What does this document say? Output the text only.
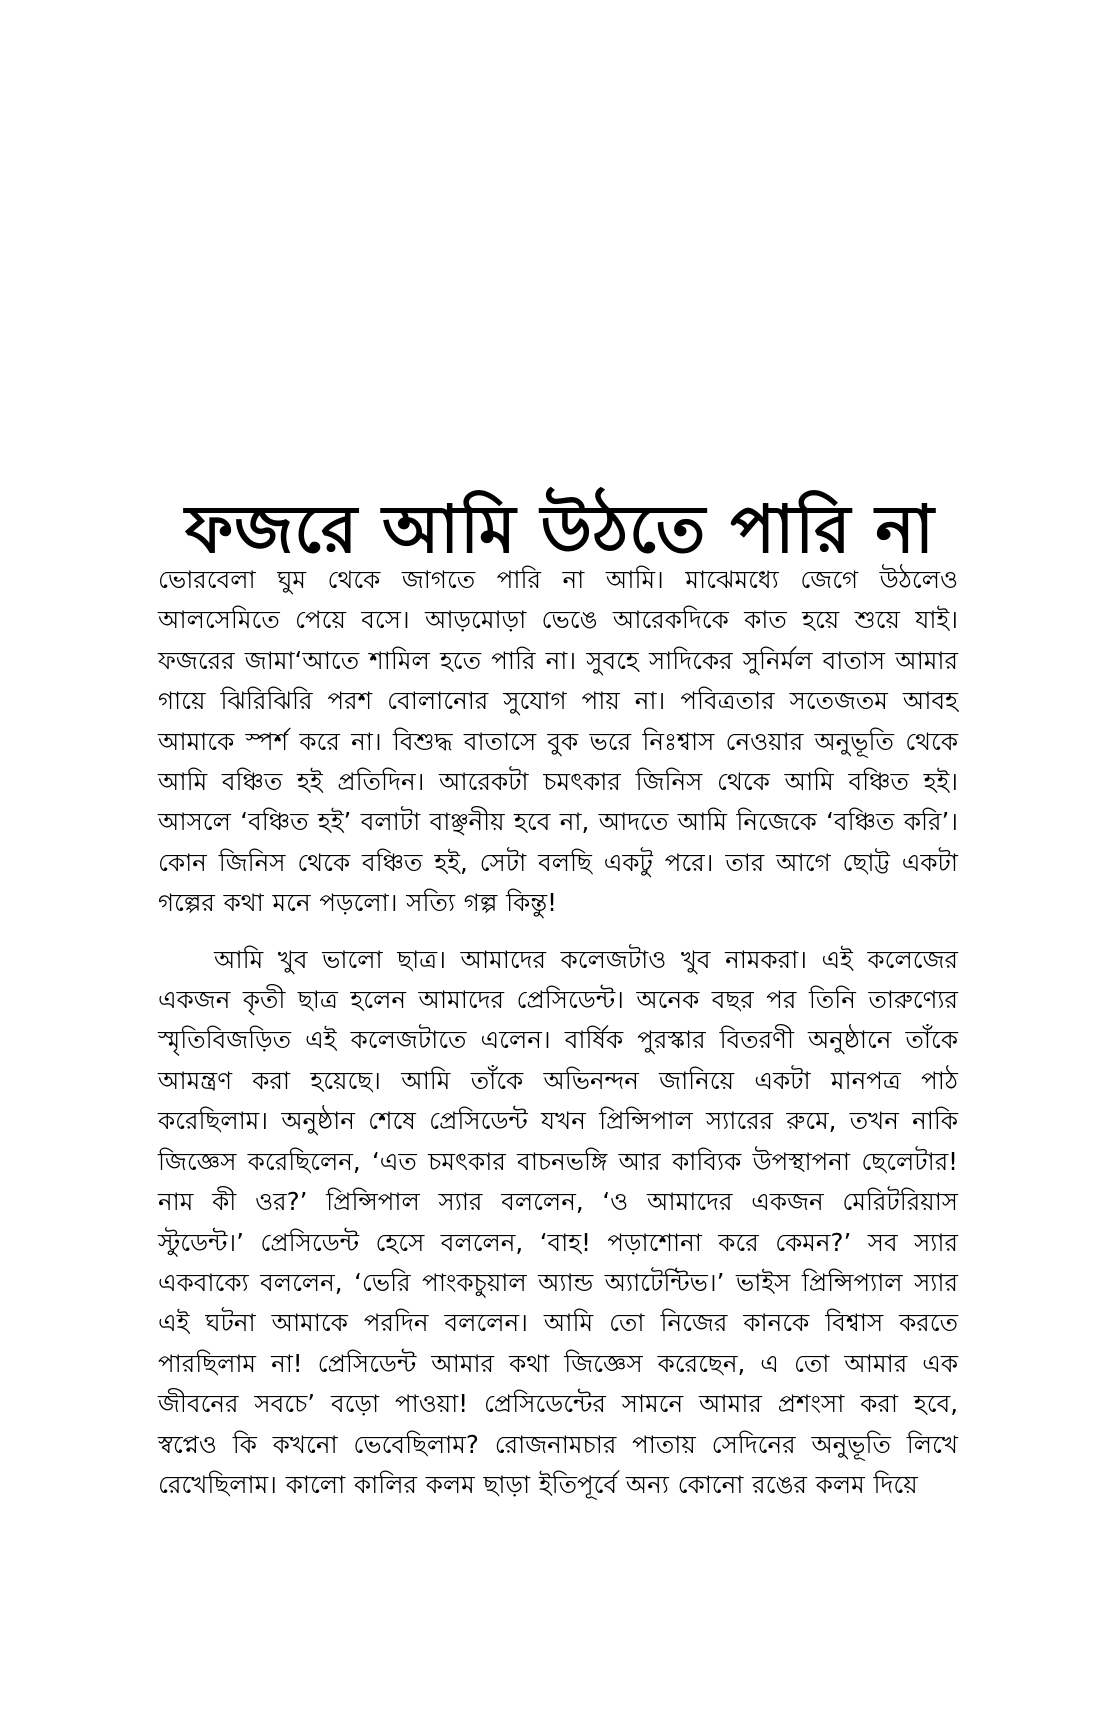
ফজরে আমি উঠতে পারি না

ভোরবেলা ঘুম থেকে জাগতে পারি না আমি। মাঝেমধ্যে জেগে উঠলেও আলসেমিতে পেয়ে বসে। আড়মোড়া ভেঙে আরেকদিকে কাত হয়ে শুয়ে যাই। ফজরের জামা‘আতে শামিল হতে পারি না। সুবহে সাদিকের সুনির্মল বাতাস আমার গায়ে ঝিরিঝিরি পরশ বোলানোর সুযোগ পায় না। পবিত্রতার সতেজতম আবহ আমাকে স্পর্শ করে না। বিশুদ্ধ বাতাসে বুক ভরে নিঃশ্বাস নেওয়ার অনুভূতি থেকে আমি বঞ্চিত হই প্রতিদিন। আরেকটা চমৎকার জিনিস থেকে আমি বঞ্চিত হই। আসলে ‘বঞ্চিত হই’ বলাটা বাঞ্ছনীয় হবে না, আদতে আমি নিজেকে ‘বঞ্চিত করি’। কোন জিনিস থেকে বঞ্চিত হই, সেটা বলছি একটু পরে। তার আগে ছোট্ট একটা গল্পের কথা মনে পড়লো। সত্যি গল্প কিন্তু!

আমি খুব ভালো ছাত্র। আমাদের কলেজটাও খুব নামকরা। এই কলেজের একজন কৃতী ছাত্র হলেন আমাদের প্রেসিডেন্ট। অনেক বছর পর তিনি তারুণ্যের স্মৃতিবিজড়িত এই কলেজটাতে এলেন। বার্ষিক পুরস্কার বিতরণী অনুষ্ঠানে তাঁকে আমন্ত্রণ করা হয়েছে। আমি তাঁকে অভিনন্দন জানিয়ে একটা মানপত্র পাঠ করেছিলাম। অনুষ্ঠান শেষে প্রেসিডেন্ট যখন প্রিন্সিপাল স্যারের রুমে, তখন নাকি জিজ্ঞেস করেছিলেন, ‘এত চমৎকার বাচনভঙ্গি আর কাব্যিক উপস্থাপনা ছেলেটার! নাম কী ওর?’ প্রিন্সিপাল স্যার বললেন, ‘ও আমাদের একজন মেরিটরিয়াস স্টুডেন্ট।’ প্রেসিডেন্ট হেসে বললেন, ‘বাহ! পড়াশোনা করে কেমন?’ সব স্যার একবাক্যে বললেন, ‘ভেরি পাংকচুয়াল অ্যান্ড অ্যাটেন্টিভ।’ ভাইস প্রিন্সিপ্যাল স্যার এই ঘটনা আমাকে পরদিন বললেন। আমি তো নিজের কানকে বিশ্বাস করতে পারছিলাম না! প্রেসিডেন্ট আমার কথা জিজ্ঞেস করেছেন, এ তো আমার এক জীবনের সবচে’ বড়ো পাওয়া! প্রেসিডেন্টের সামনে আমার প্রশংসা করা হবে, স্বপ্নেও কি কখনো ভেবেছিলাম? রোজনামচার পাতায় সেদিনের অনুভূতি লিখে রেখেছিলাম। কালো কালির কলম ছাড়া ইতিপূর্বে অন্য কোনো রঙের কলম দিয়ে
